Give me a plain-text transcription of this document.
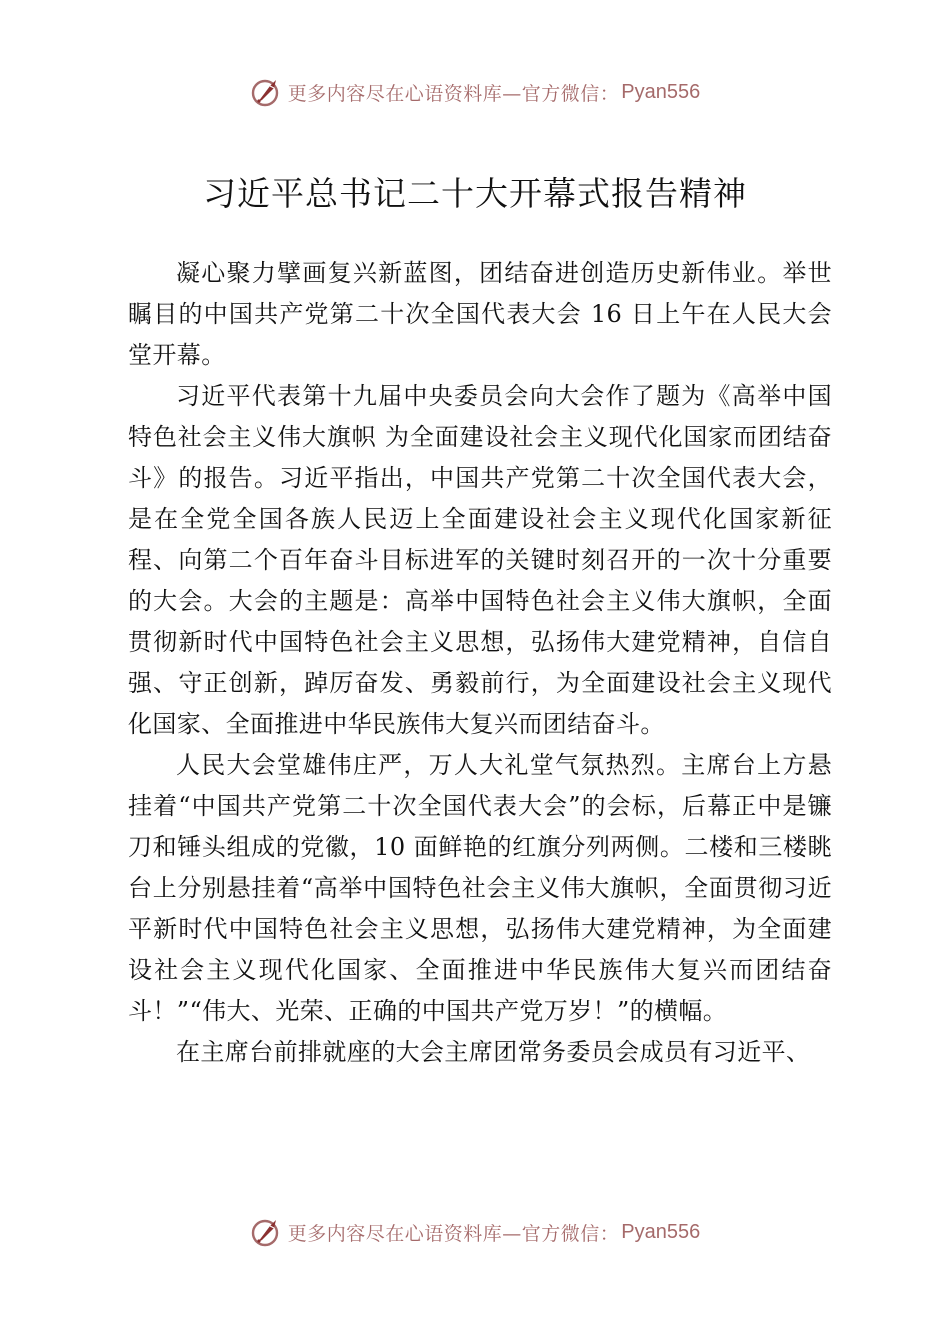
更多内容尽在心语资料库—官方微信： Pyan556
习近平总书记二十大开幕式报告精神

凝心聚力擘画复兴新蓝图，团结奋进创造历史新伟业。举世瞩目的中国共产党第二十次全国代表大会 16 日上午在人民大会堂开幕。

习近平代表第十九届中央委员会向大会作了题为《高举中国特色社会主义伟大旗帜 为全面建设社会主义现代化国家而团结奋斗》的报告。习近平指出，中国共产党第二十次全国代表大会，是在全党全国各族人民迈上全面建设社会主义现代化国家新征程、向第二个百年奋斗目标进军的关键时刻召开的一次十分重要的大会。大会的主题是：高举中国特色社会主义伟大旗帜，全面 贯彻新时代中国特色社会主义思想，弘扬伟大建党精神，自信自强、守正创新，踔厉奋发、勇毅前行，为全面建设社会主义现代化国家、全面推进中华民族伟大复兴而团结奋斗。

人民大会堂雄伟庄严，万人大礼堂气氛热烈。主席台上方悬挂着“中国共产党第二十次全国代表大会”的会标，后幕正中是镰刀和锤头组成的党徽，10 面鲜艳的红旗分列两侧。二楼和三楼眺台上分别悬挂着“高举中国特色社会主义伟大旗帜，全面贯彻习近平新时代中国特色社会主义思想，弘扬伟大建党精神，为全面建设社会主义现代化国家、全面推进中华民族伟大复兴而团结奋斗！”“伟大、光荣、正确的中国共产党万岁！”的横幅。

在主席台前排就座的大会主席团常务委员会成员有习近平、

更多内容尽在心语资料库—官方微信： Pyan556
